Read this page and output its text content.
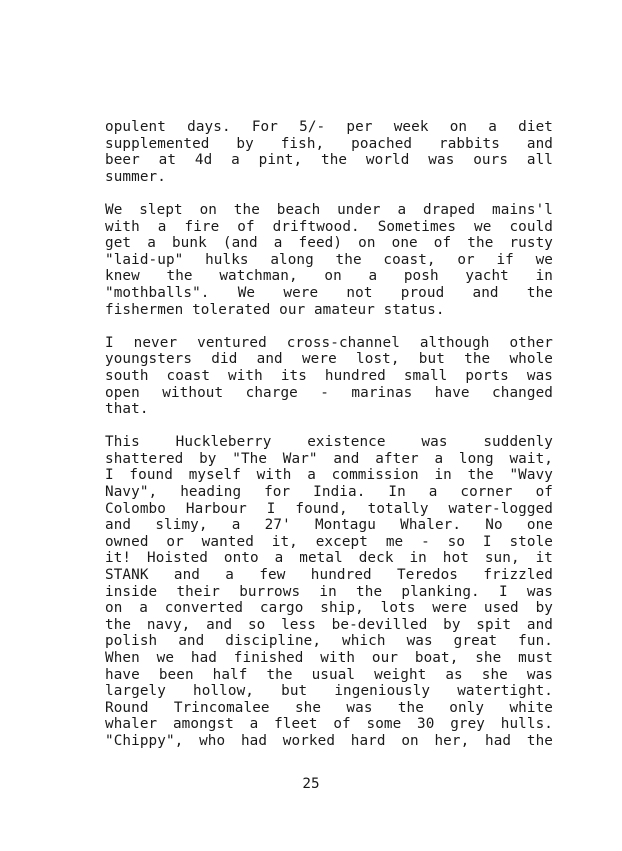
opulent days. For 5/- per week on a diet
supplemented by fish, poached rabbits and
beer at 4d a pint, the world was ours all
summer.
We slept on the beach under a draped mains'l
with a fire of driftwood. Sometimes we could
get a bunk (and a feed) on one of the rusty
"laid-up" hulks along the coast, or if we
knew the watchman, on a posh yacht in
"mothballs". We were not proud and the
fishermen tolerated our amateur status.
I never ventured cross-channel although other
youngsters did and were lost, but the whole
south coast with its hundred small ports was
open without charge - marinas have changed
that.
This Huckleberry existence was suddenly
shattered by "The War" and after a long wait,
I found myself with a commission in the "Wavy
Navy", heading for India. In a corner of
Colombo Harbour I found, totally water-logged
and slimy, a 27' Montagu Whaler. No one
owned or wanted it, except me - so I stole
it! Hoisted onto a metal deck in hot sun, it
STANK and a few hundred Teredos frizzled
inside their burrows in the planking. I was
on a converted cargo ship, lots were used by
the navy, and so less be-devilled by spit and
polish and discipline, which was great fun.
When we had finished with our boat, she must
have been half the usual weight as she was
largely hollow, but ingeniously watertight.
Round Trincomalee she was the only white
whaler amongst a fleet of some 30 grey hulls.
"Chippy", who had worked hard on her, had the
25
